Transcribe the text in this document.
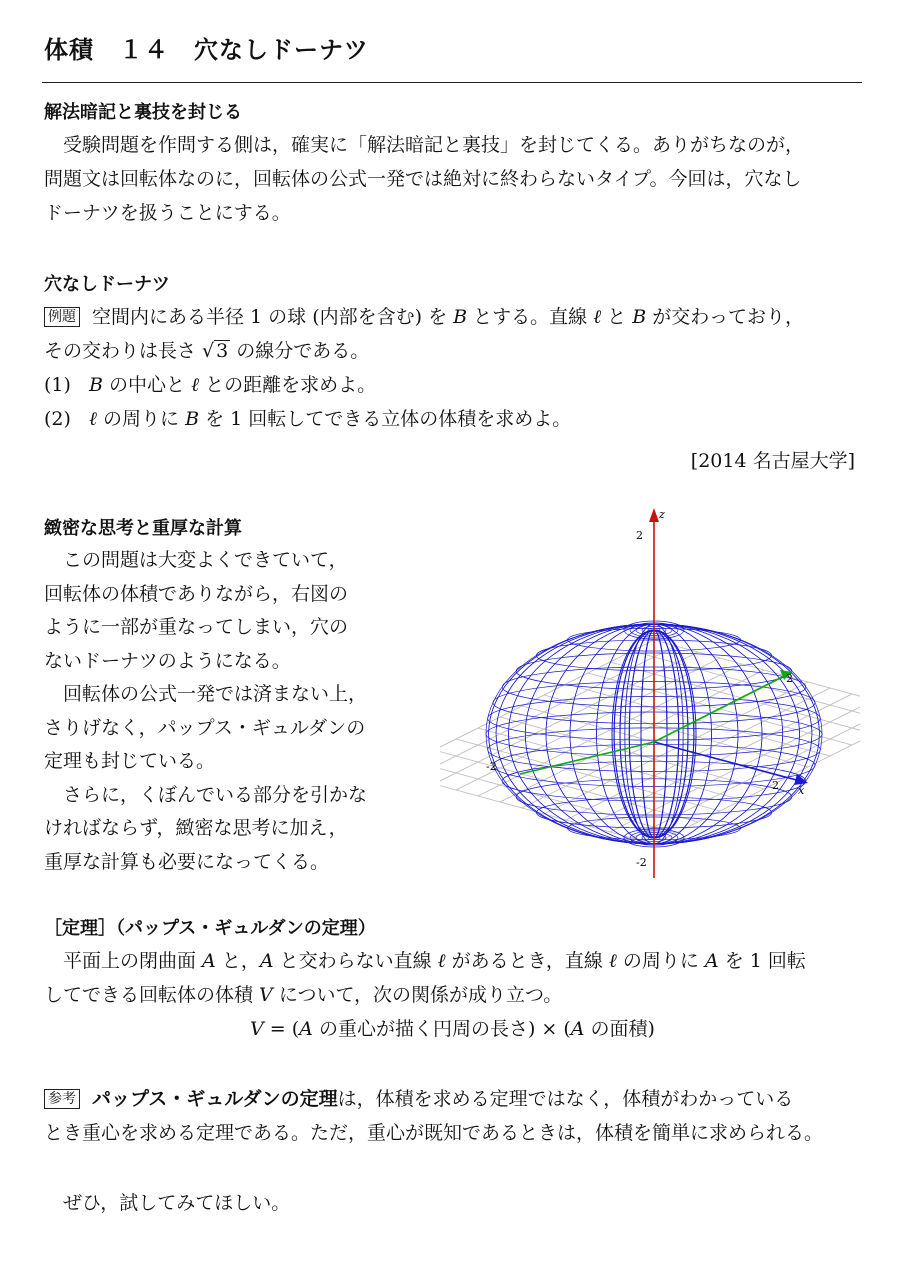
体積　１４　穴なしドーナツ
解法暗記と裏技を封じる
　受験問題を作問する側は，確実に「解法暗記と裏技」を封じてくる。ありがちなのが，
問題文は回転体なのに，回転体の公式一発では絶対に終わらないタイプ。今回は，穴なし
ドーナツを扱うことにする。
穴なしドーナツ
例題 空間内にある半径 1 の球 (内部を含む) を B とする。直線 ℓ と B が交わっており，
その交わりは長さ √ 3 の線分である。
(1) B の中心と ℓ との距離を求めよ。
(2) ℓ の周りに B を 1 回転してできる立体の体積を求めよ。
[2014 名古屋大学]
緻密な思考と重厚な計算
　この問題は大変よくできていて，
回転体の体積でありながら，右図の
ように一部が重なってしまい，穴の
ないドーナツのようになる。
　回転体の公式一発では済まない上，
さりげなく，パップス・ギュルダンの
定理も封じている。
　さらに，くぼんでいる部分を引かな
ければならず，緻密な思考に加え，
重厚な計算も必要になってくる。
z
2
-2
-2
2 x
2
［定理］（パップス・ギュルダンの定理）
　平面上の閉曲面 A と，A と交わらない直線 ℓ があるとき，直線 ℓ の周りに A を 1 回転
してできる回転体の体積 V について，次の関係が成り立つ。
V = (A の重心が描く円周の長さ) × (A の面積)
参考 パップス・ギュルダンの定理は，体積を求める定理ではなく，体積がわかっている
とき重心を求める定理である。ただ，重心が既知であるときは，体積を簡単に求められる。
　ぜひ，試してみてほしい。
